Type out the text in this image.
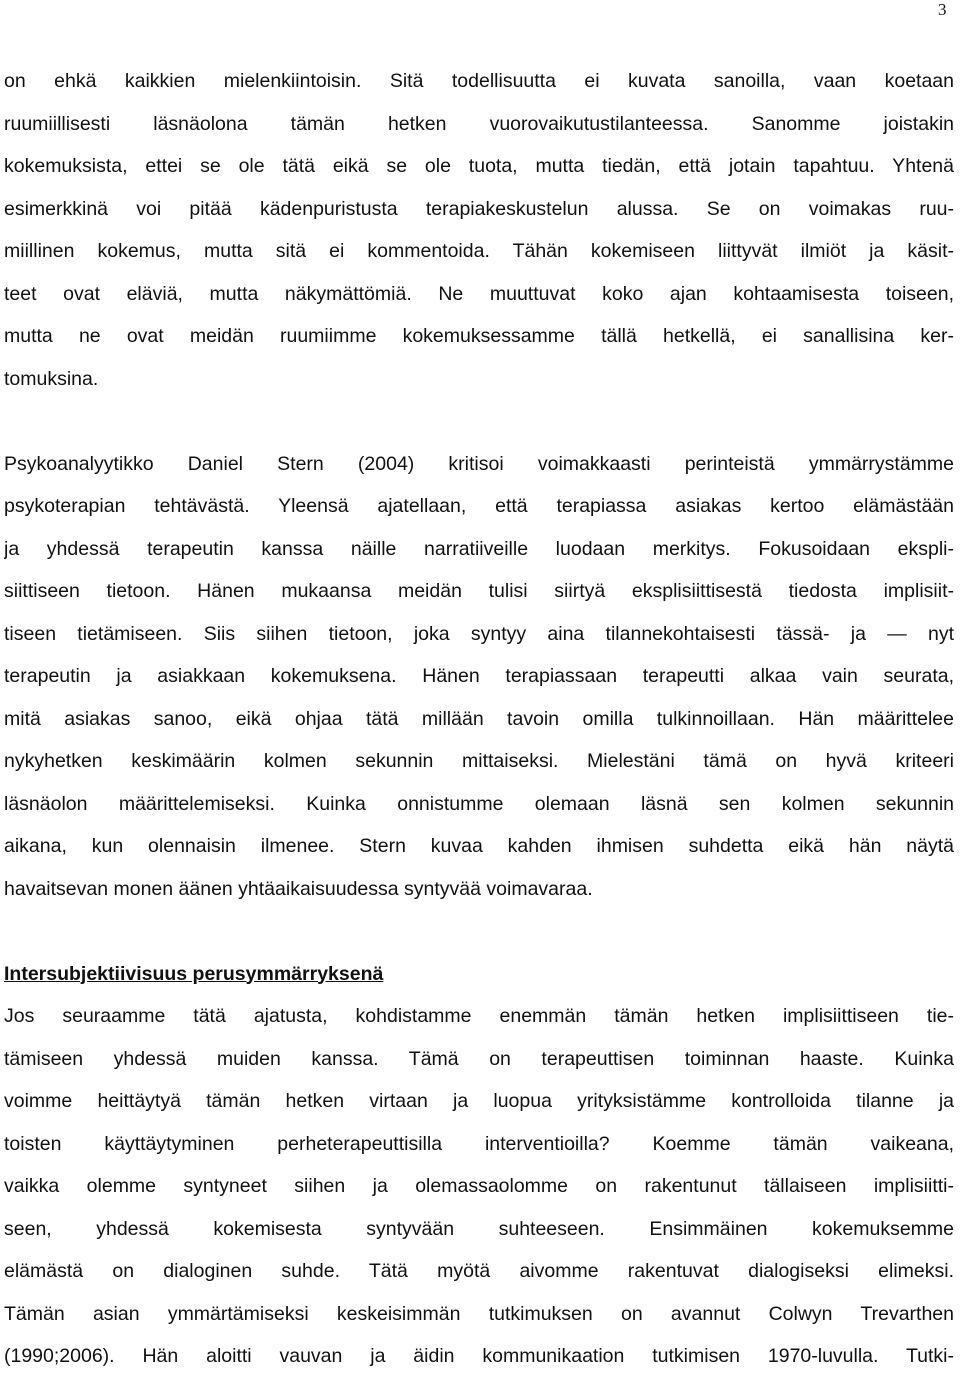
3
on ehkä kaikkien mielenkiintoisin. Sitä todellisuutta ei kuvata sanoilla, vaan koetaan
ruumiillisesti läsnäolona tämän hetken vuorovaikutustilanteessa. Sanomme joistakin
kokemuksista, ettei se ole tätä eikä se ole tuota, mutta tiedän, että jotain tapahtuu. Yhtenä
esimerkkinä voi pitää kädenpuristusta terapiakeskustelun alussa. Se on voimakas ruu-
miillinen kokemus, mutta sitä ei kommentoida. Tähän kokemiseen liittyvät ilmiöt ja käsit-
teet ovat eläviä, mutta näkymättömiä. Ne muuttuvat koko ajan kohtaamisesta toiseen,
mutta ne ovat meidän ruumiimme kokemuksessamme tällä hetkellä, ei sanallisina ker-
tomuksina.
Psykoanalyytikko Daniel Stern (2004) kritisoi voimakkaasti perinteistä ymmärrystämme
psykoterapian tehtävästä. Yleensä ajatellaan, että terapiassa asiakas kertoo elämästään
ja yhdessä terapeutin kanssa näille narratiiveille luodaan merkitys. Fokusoidaan ekspli-
siittiseen tietoon. Hänen mukaansa meidän tulisi siirtyä eksplisiittisestä tiedosta implisiit-
tiseen tietämiseen. Siis siihen tietoon, joka syntyy aina tilannekohtaisesti tässä- ja — nyt
terapeutin ja asiakkaan kokemuksena. Hänen terapiassaan terapeutti alkaa vain seurata,
mitä asiakas sanoo, eikä ohjaa tätä millään tavoin omilla tulkinnoillaan. Hän määrittelee
nykyhetken keskimäärin kolmen sekunnin mittaiseksi. Mielestäni tämä on hyvä kriteeri
läsnäolon määrittelemiseksi. Kuinka onnistumme olemaan läsnä sen kolmen sekunnin
aikana, kun olennaisin ilmenee. Stern kuvaa kahden ihmisen suhdetta eikä hän näytä
havaitsevan monen äänen yhtäaikaisuudessa syntyvää voimavaraa.
Intersubjektiivisuus perusymmärryksenä
Jos seuraamme tätä ajatusta, kohdistamme enemmän tämän hetken implisiittiseen tie-
tämiseen yhdessä muiden kanssa. Tämä on terapeuttisen toiminnan haaste. Kuinka
voimme heittäytyä tämän hetken virtaan ja luopua yrityksistämme kontrolloida tilanne ja
toisten käyttäytyminen perheterapeuttisilla interventioilla? Koemme tämän vaikeana,
vaikka olemme syntyneet siihen ja olemassaolomme on rakentunut tällaiseen implisiitti-
seen, yhdessä kokemisesta syntyvään suhteeseen. Ensimmäinen kokemuksemme
elämästä on dialoginen suhde. Tätä myötä aivomme rakentuvat dialogiseksi elimeksi.
Tämän asian ymmärtämiseksi keskeisimmän tutkimuksen on avannut Colwyn Trevarthen
(1990;2006). Hän aloitti vauvan ja äidin kommunikaation tutkimisen 1970-luvulla. Tutki-
